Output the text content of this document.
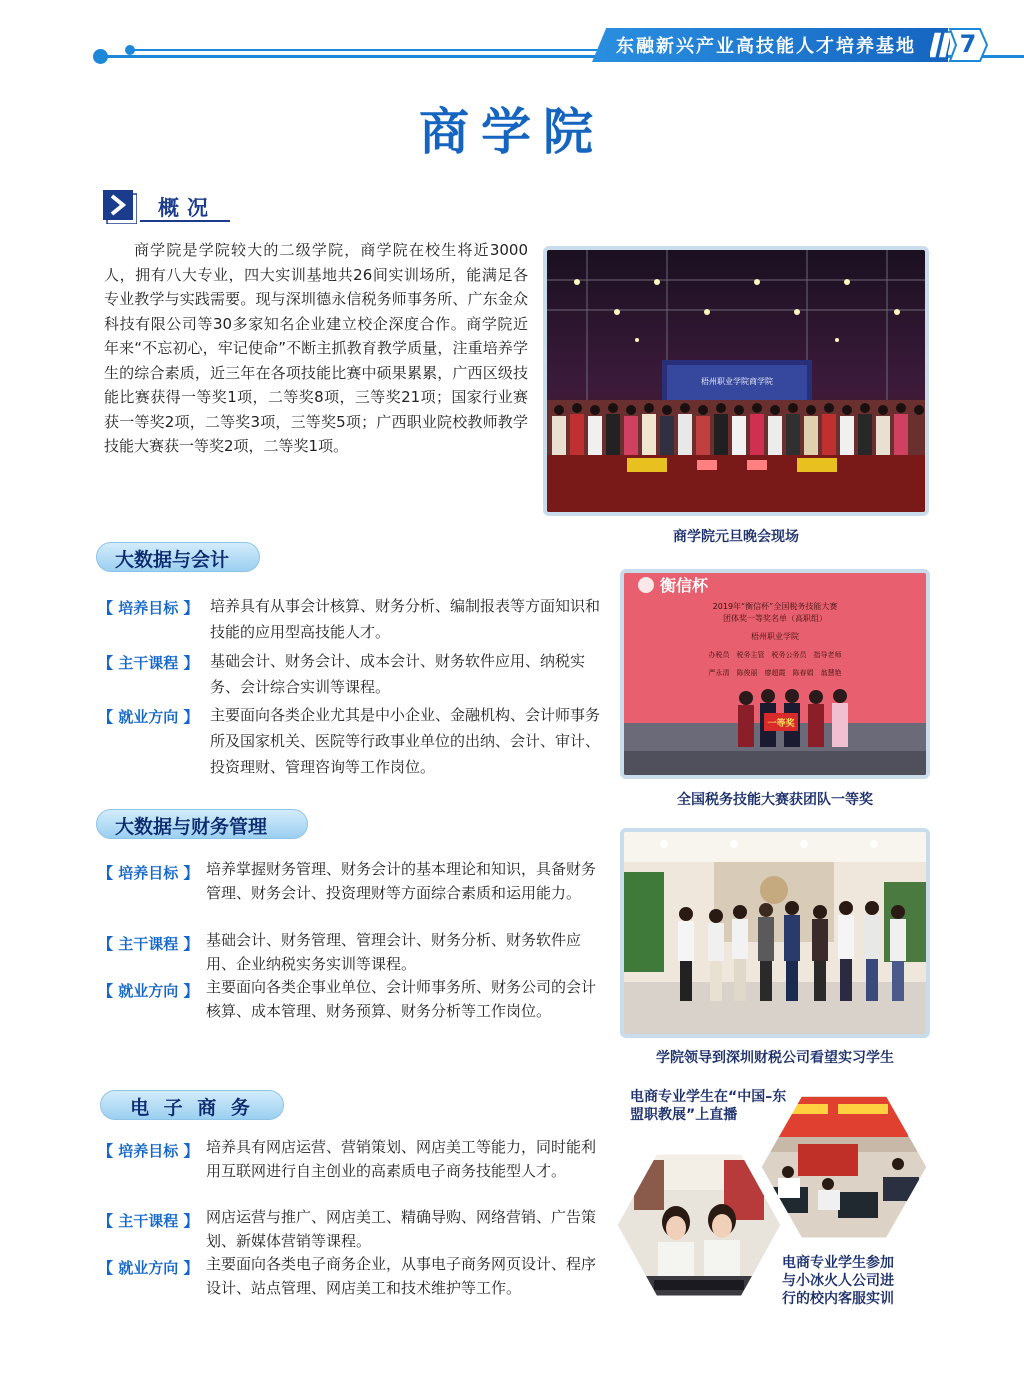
东融新兴产业高技能人才培养基地 7
商学院
概况
商学院是学院较大的二级学院，商学院在校生将近3000人，拥有八大专业，四大实训基地共26间实训场所，能满足各专业教学与实践需要。现与深圳德永信税务师事务所、广东金众科技有限公司等30多家知名企业建立校企深度合作。商学院近年来“不忘初心，牢记使命”不断主抓教育教学质量，注重培养学生的综合素质，近三年在各项技能比赛中硕果累累，广西区级技能比赛获得一等奖1项，二等奖8项，三等奖21项；国家行业赛获一等奖2项，二等奖3项，三等奖5项；广西职业院校教师教学技能大赛获一等奖2项，二等奖1项。
梧州职业学院商学院
商学院元旦晚会现场
大数据与会计
【 培养目标 】 培养具有从事会计核算、财务分析、编制报表等方面知识和技能的应用型高技能人才。
【 主干课程 】 基础会计、财务会计、成本会计、财务软件应用、纳税实务、会计综合实训等课程。
【 就业方向 】 主要面向各类企业尤其是中小企业、金融机构、会计师事务所及国家机关、医院等行政事业单位的出纳、会计、审计、投资理财、管理咨询等工作岗位。
衡信杯
2019年“衡信杯”全国税务技能大赛
团体奖一等奖名单（高职组）
梧州职业学院
办税员　税务主管　税务公务员　指导老师
严永清　陈俊丽　廖超霞　陈春娟　翁慧艳
一等奖
全国税务技能大赛获团队一等奖
大数据与财务管理
【 培养目标 】 培养掌握财务管理、财务会计的基本理论和知识，具备财务管理、财务会计、投资理财等方面综合素质和运用能力。
【 主干课程 】 基础会计、财务管理、管理会计、财务分析、财务软件应用、企业纳税实务实训等课程。
【 就业方向 】 主要面向各类企事业单位、会计师事务所、财务公司的会计核算、成本管理、财务预算、财务分析等工作岗位。
学院领导到深圳财税公司看望实习学生
电 子 商 务
【 培养目标 】 培养具有网店运营、营销策划、网店美工等能力，同时能利用互联网进行自主创业的高素质电子商务技能型人才。
【 主干课程 】 网店运营与推广、网店美工、精确导购、网络营销、广告策划、新媒体营销等课程。
【 就业方向 】 主要面向各类电子商务企业，从事电子商务网页设计、程序设计、站点管理、网店美工和技术维护等工作。
电商专业学生在“中国–东盟职教展”上直播
电商专业学生参加与小冰火人公司进行的校内客服实训
